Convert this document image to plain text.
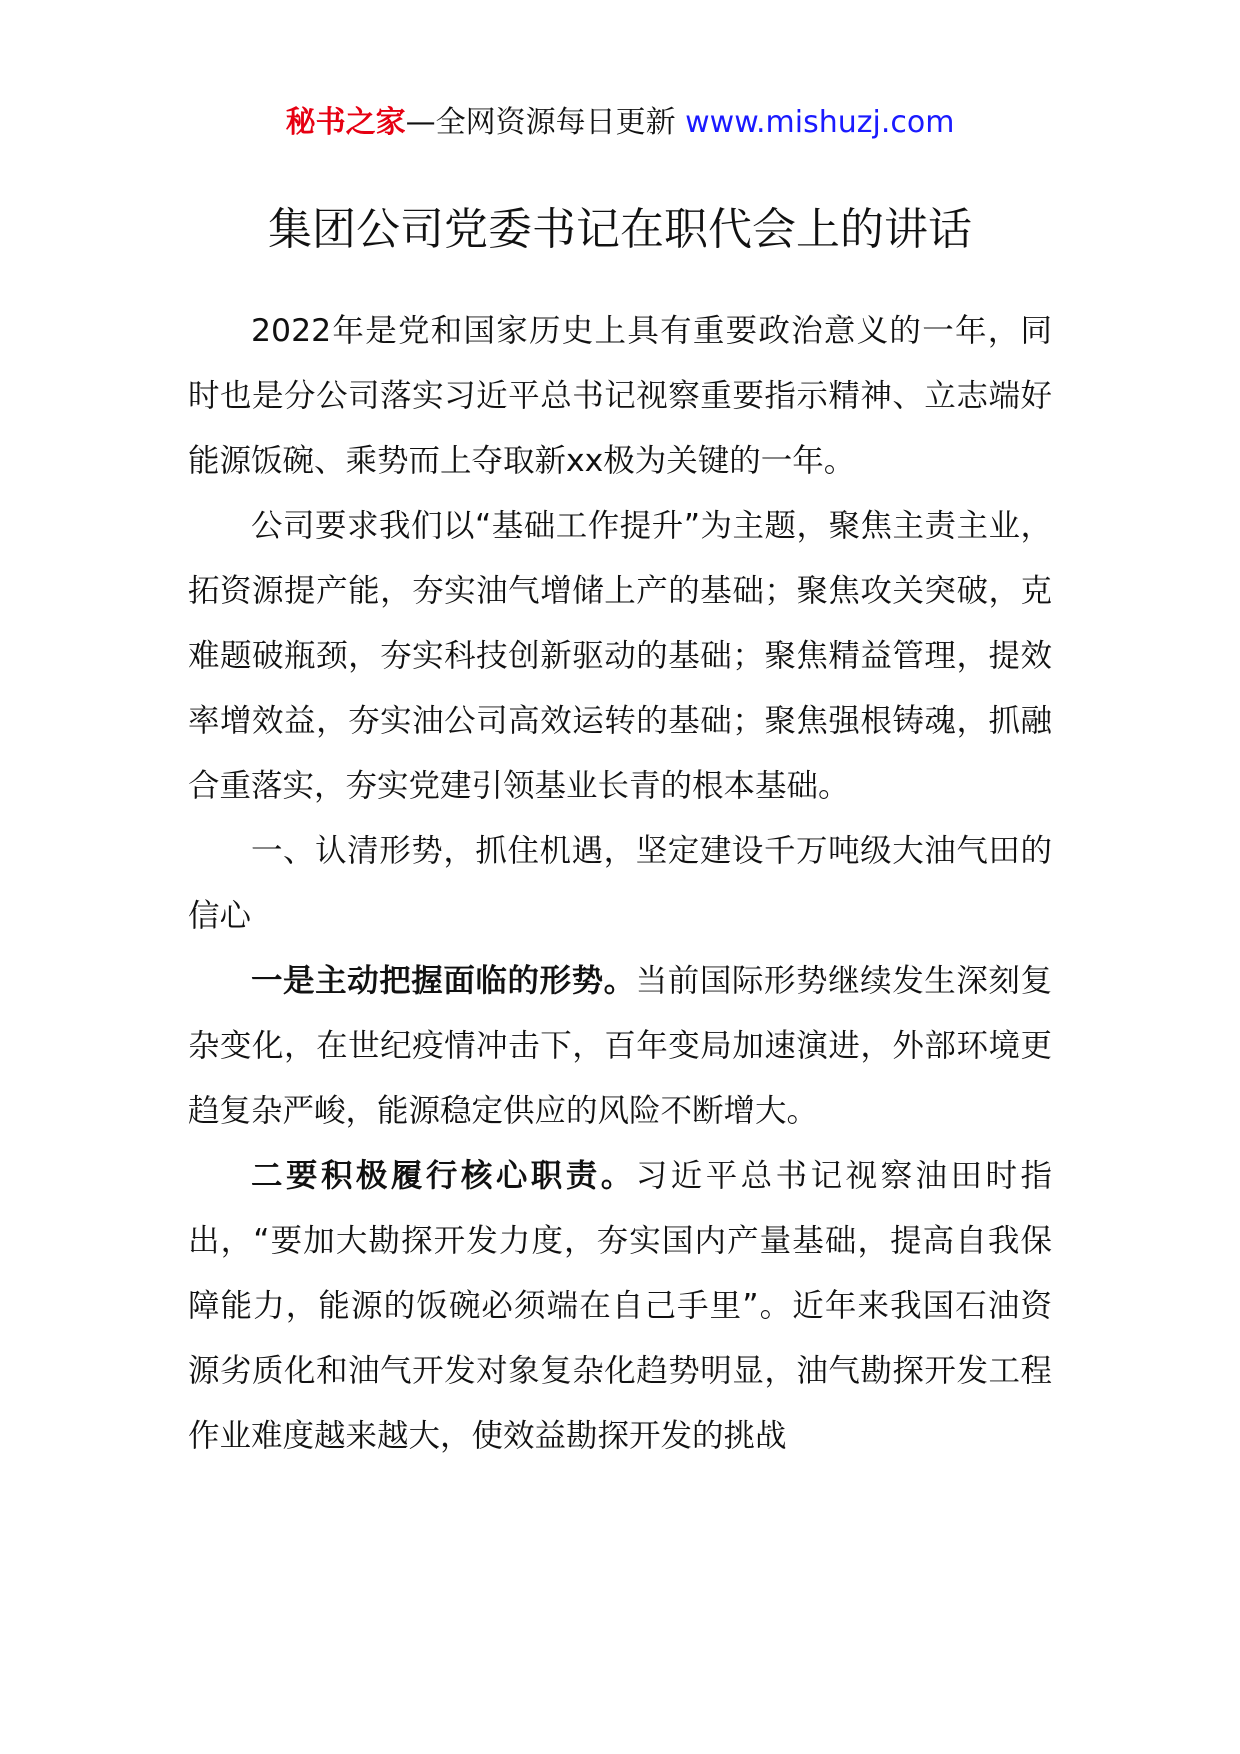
秘书之家—全网资源每日更新 www.mishuzj.com
集团公司党委书记在职代会上的讲话

2022年是党和国家历史上具有重要政治意义的一年，同时也是分公司落实习近平总书记视察重要指示精神、立志端好能源饭碗、乘势而上夺取新xx极为关键的一年。

公司要求我们以“基础工作提升”为主题，聚焦主责主业，拓资源提产能，夯实油气增储上产的基础；聚焦攻关突破，克难题破瓶颈，夯实科技创新驱动的基础；聚焦精益管理，提效率增效益，夯实油公司高效运转的基础；聚焦强根铸魂，抓融合重落实，夯实党建引领基业长青的根本基础。

一、认清形势，抓住机遇，坚定建设千万吨级大油气田的信心

一是主动把握面临的形势。当前国际形势继续发生深刻复杂变化，在世纪疫情冲击下，百年变局加速演进，外部环境更趋复杂严峻，能源稳定供应的风险不断增大。

二要积极履行核心职责。习近平总书记视察油田时指出，“要加大勘探开发力度，夯实国内产量基础，提高自我保障能力，能源的饭碗必须端在自己手里”。近年来我国石油资源劣质化和油气开发对象复杂化趋势明显，油气勘探开发工程作业难度越来越大，使效益勘探开发的挑战
